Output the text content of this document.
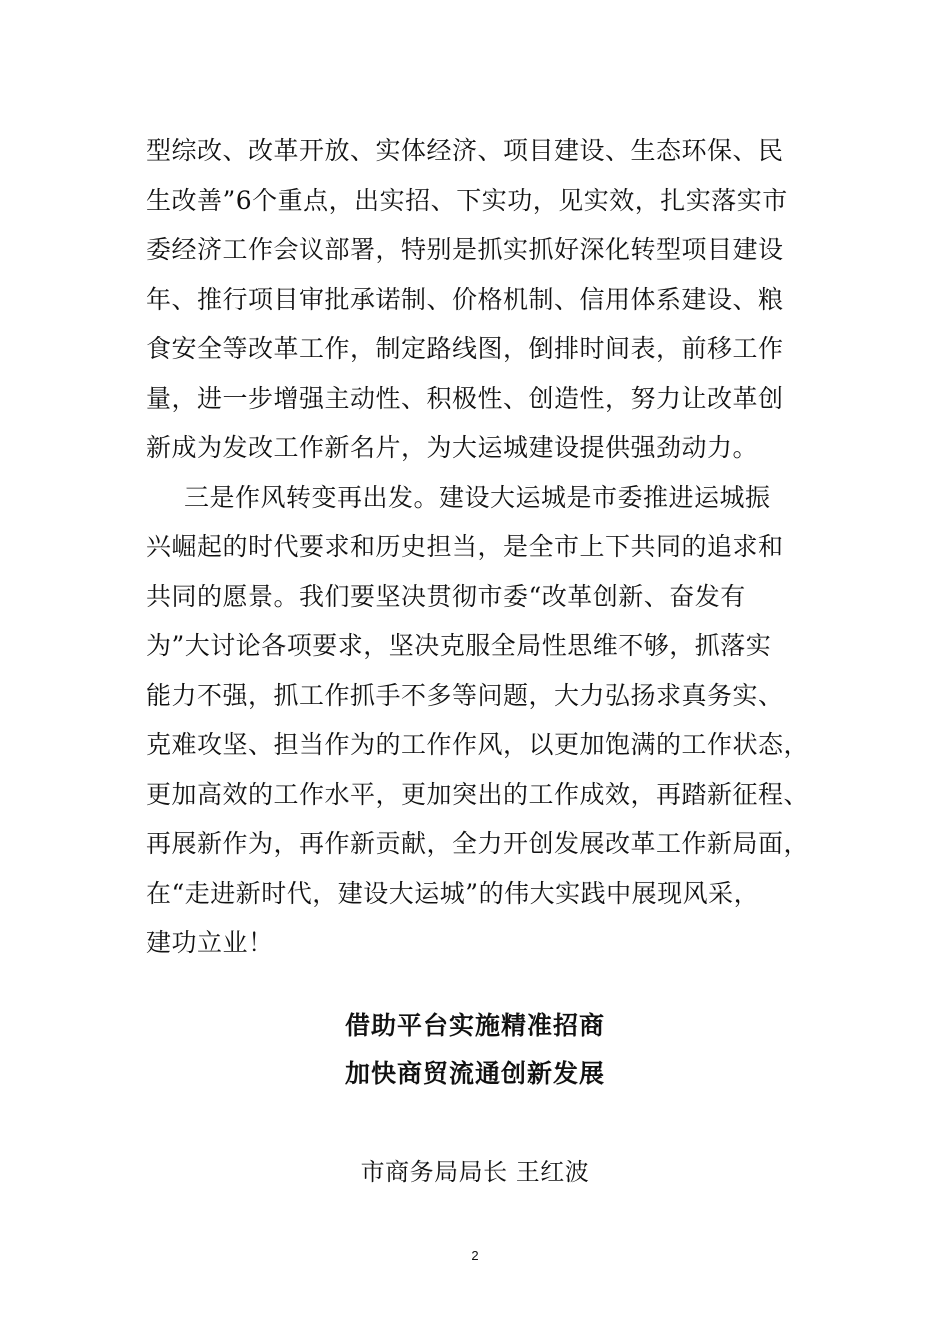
型综改、改革开放、实体经济、项目建设、生态环保、民
生改善”6个重点，出实招、下实功，见实效，扎实落实市
委经济工作会议部署，特别是抓实抓好深化转型项目建设
年、推行项目审批承诺制、价格机制、信用体系建设、粮
食安全等改革工作，制定路线图，倒排时间表，前移工作
量，进一步增强主动性、积极性、创造性，努力让改革创
新成为发改工作新名片，为大运城建设提供强劲动力。
三是作风转变再出发。建设大运城是市委推进运城振
兴崛起的时代要求和历史担当，是全市上下共同的追求和
共同的愿景。我们要坚决贯彻市委“改革创新、奋发有
为”大讨论各项要求，坚决克服全局性思维不够，抓落实
能力不强，抓工作抓手不多等问题，大力弘扬求真务实、
克难攻坚、担当作为的工作作风，以更加饱满的工作状态，
更加高效的工作水平，更加突出的工作成效，再踏新征程、
再展新作为，再作新贡献，全力开创发展改革工作新局面，
在“走进新时代，建设大运城”的伟大实践中展现风采，
建功立业！
借助平台实施精准招商
加快商贸流通创新发展
市商务局局长 王红波
2
